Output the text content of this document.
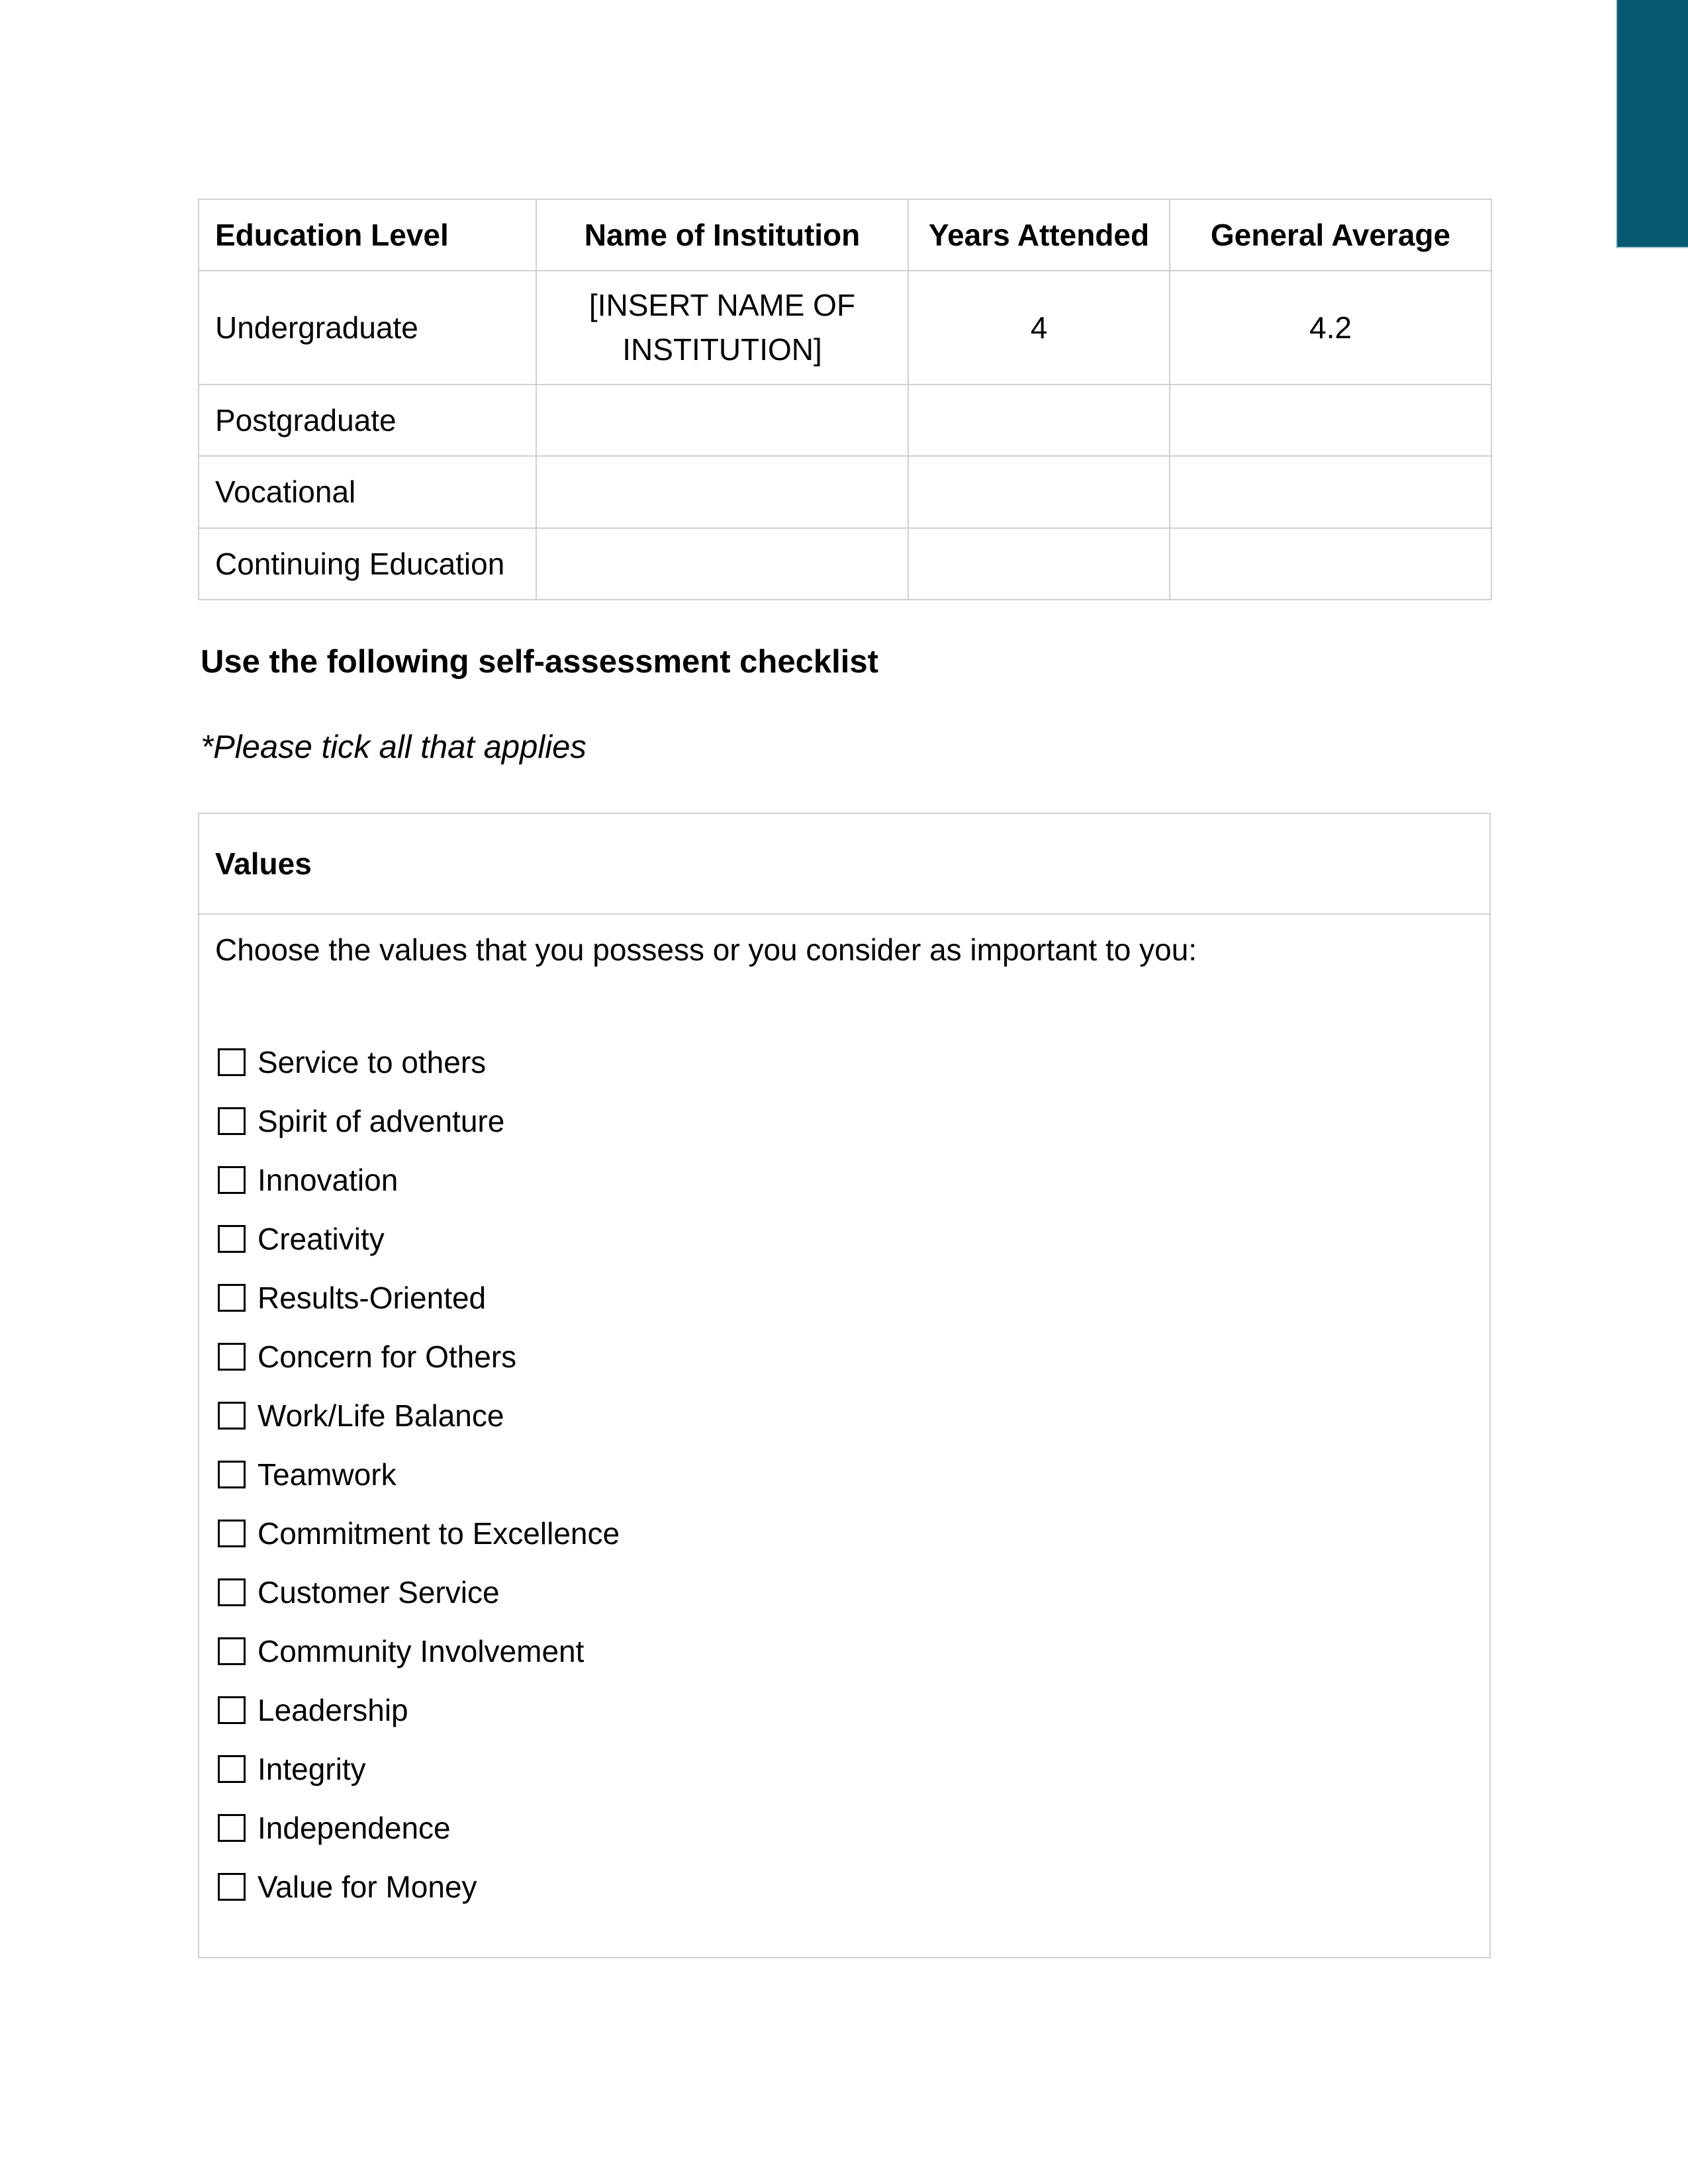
Education Level	Name of Institution	Years Attended	General Average
Undergraduate	[INSERT NAME OF INSTITUTION]	4	4.2
Postgraduate			
Vocational			
Continuing Education			

Use the following self-assessment checklist

*Please tick all that applies

Values

Choose the values that you possess or you consider as important to you:

Service to others
Spirit of adventure
Innovation
Creativity
Results-Oriented
Concern for Others
Work/Life Balance
Teamwork
Commitment to Excellence
Customer Service
Community Involvement
Leadership
Integrity
Independence
Value for Money
